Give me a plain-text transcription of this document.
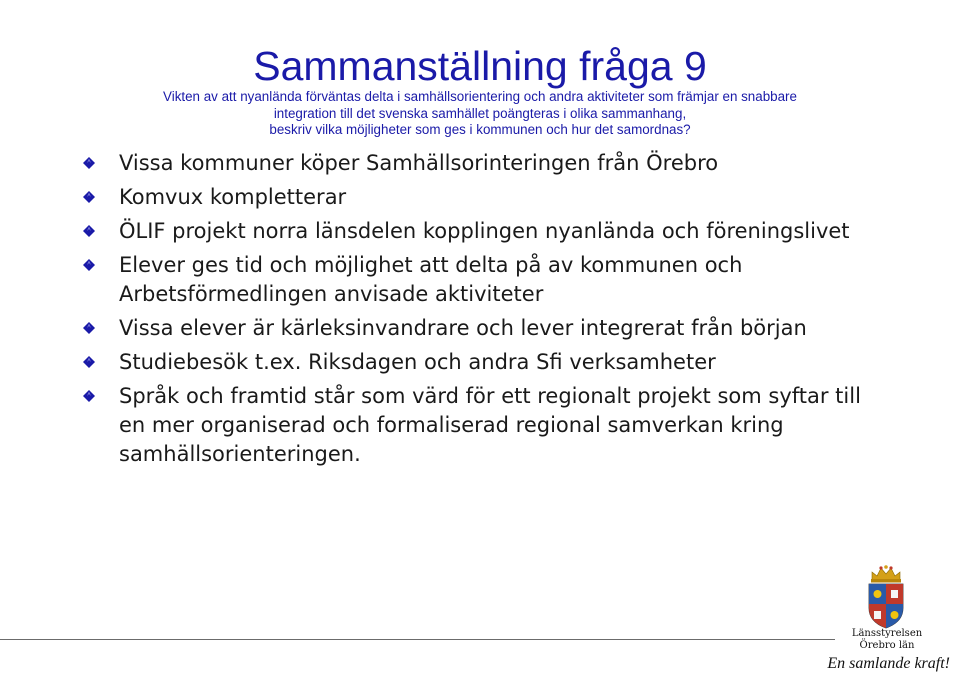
Sammanställning fråga 9
Vikten av att nyanlända förväntas delta i samhällsorientering och andra aktiviteter som främjar en snabbare
integration till det svenska samhället poängteras i olika sammanhang,
beskriv vilka möjligheter som ges i kommunen och hur det samordnas?
Vissa kommuner köper Samhällsorinteringen från Örebro
Komvux kompletterar
ÖLIF projekt norra länsdelen kopplingen nyanlända och föreningslivet
Elever ges tid och möjlighet att delta på av kommunen och Arbetsförmedlingen anvisade aktiviteter
Vissa elever är kärleksinvandrare och lever integrerat från början
Studiebesök t.ex. Riksdagen och andra Sfi verksamheter
Språk och framtid står som värd för ett regionalt projekt som syftar till en mer organiserad och formaliserad regional samverkan kring samhällsorienteringen.
Länsstyrelsen
Örebro län
En samlande kraft!
